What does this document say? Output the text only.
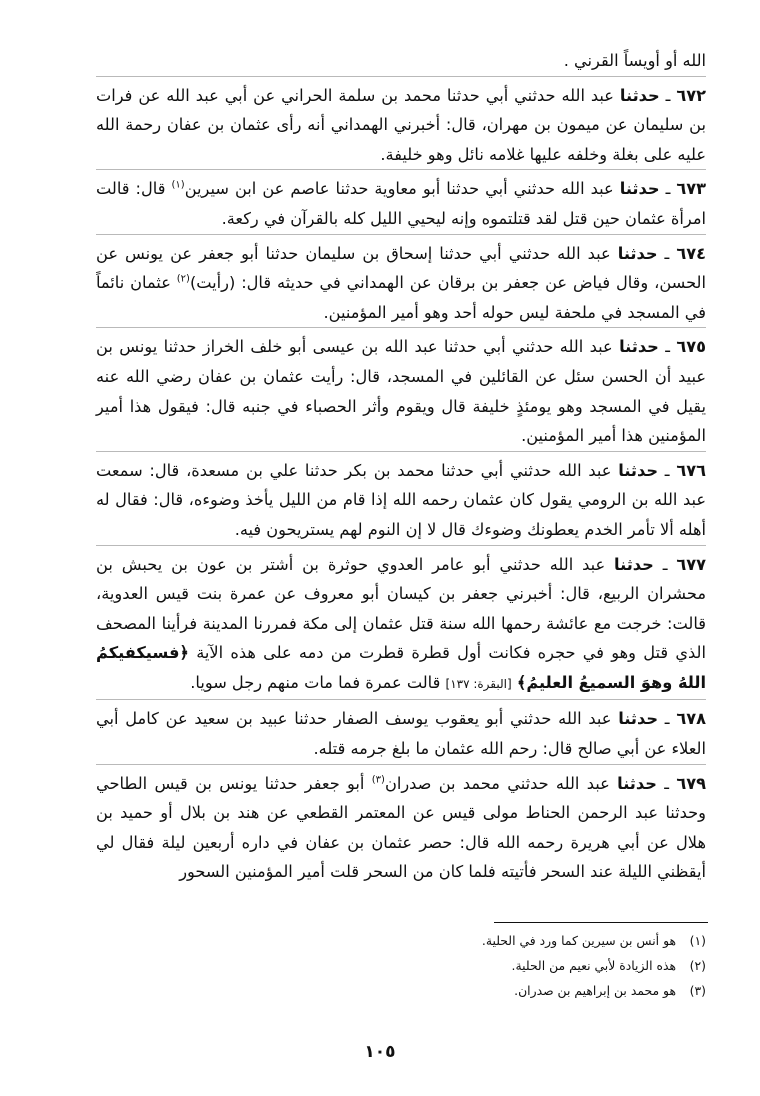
الله أو أويساً القرني .

٦٧٢ ـ حدثنا عبد الله حدثني أبي حدثنا محمد بن سلمة الحراني عن أبي عبد الله عن فرات بن سليمان عن ميمون بن مهران، قال: أخبرني الهمداني أنه رأى عثمان بن عفان رحمة الله عليه على بغلة وخلفه عليها غلامه نائل وهو خليفة.

٦٧٣ ـ حدثنا عبد الله حدثني أبي حدثنا أبو معاوية حدثنا عاصم عن ابن سيرين$^{(١)}$ قال: قالت امرأة عثمان حين قتل لقد قتلتموه وإنه ليحيي الليل كله بالقرآن في ركعة.

٦٧٤ ـ حدثنا عبد الله حدثني أبي حدثنا إسحاق بن سليمان حدثنا أبو جعفر عن يونس عن الحسن، وقال فياض عن جعفر بن برقان عن الهمداني في حديثه قال: (رأيت)$^{(٢)}$ عثمان نائماً في المسجد في ملحفة ليس حوله أحد وهو أمير المؤمنين.

٦٧٥ ـ حدثنا عبد الله حدثني أبي حدثنا عبد الله بن عيسى أبو خلف الخراز حدثنا يونس بن عبيد أن الحسن سئل عن القائلين في المسجد، قال: رأيت عثمان بن عفان رضي الله عنه يقيل في المسجد وهو يومئذٍ خليفة قال ويقوم وأثر الحصباء في جنبه قال: فيقول هذا أمير المؤمنين هذا أمير المؤمنين.

٦٧٦ ـ حدثنا عبد الله حدثني أبي حدثنا محمد بن بكر حدثنا علي بن مسعدة، قال: سمعت عبد الله بن الرومي يقول كان عثمان رحمه الله إذا قام من الليل يأخذ وضوءه، قال: فقال له أهله ألا تأمر الخدم يعطونك وضوءك قال لا إن النوم لهم يستريحون فيه.

٦٧٧ ـ حدثنا عبد الله حدثني أبو عامر العدوي حوثرة بن أشتر بن عون بن يحبش بن محشران الربيع، قال: أخبرني جعفر بن كيسان أبو معروف عن عمرة بنت قيس العدوية، قالت: خرجت مع عائشة رحمها الله سنة قتل عثمان إلى مكة فمررنا المدينة فرأينا المصحف الذي قتل وهو في حجره فكانت أول قطرة قطرت من دمه على هذه الآية ﴿فسيكفيكمُ اللهُ وهوَ السميعُ العليمُ﴾ [البقرة: ١٣٧] قالت عمرة فما مات منهم رجل سويا.

٦٧٨ ـ حدثنا عبد الله حدثني أبو يعقوب يوسف الصفار حدثنا عبيد بن سعيد عن كامل أبي العلاء عن أبي صالح قال: رحم الله عثمان ما بلغ جرمه قتله.

٦٧٩ ـ حدثنا عبد الله حدثني محمد بن صدران$^{(٣)}$ أبو جعفر حدثنا يونس بن قيس الطاحي وحدثنا عبد الرحمن الحناط مولى قيس عن المعتمر القطعي عن هند بن بلال أو حميد بن هلال عن أبي هريرة رحمه الله قال: حصر عثمان بن عفان في داره أربعين ليلة فقال لي أيقظني الليلة عند السحر فأتيته فلما كان من السحر قلت أمير المؤمنين السحور

(١)هو أنس بن سيرين كما ورد في الحلية.
(٢)هذه الزيادة لأبي نعيم من الحلية.
(٣)هو محمد بن إبراهيم بن صدران.
١٠٥
